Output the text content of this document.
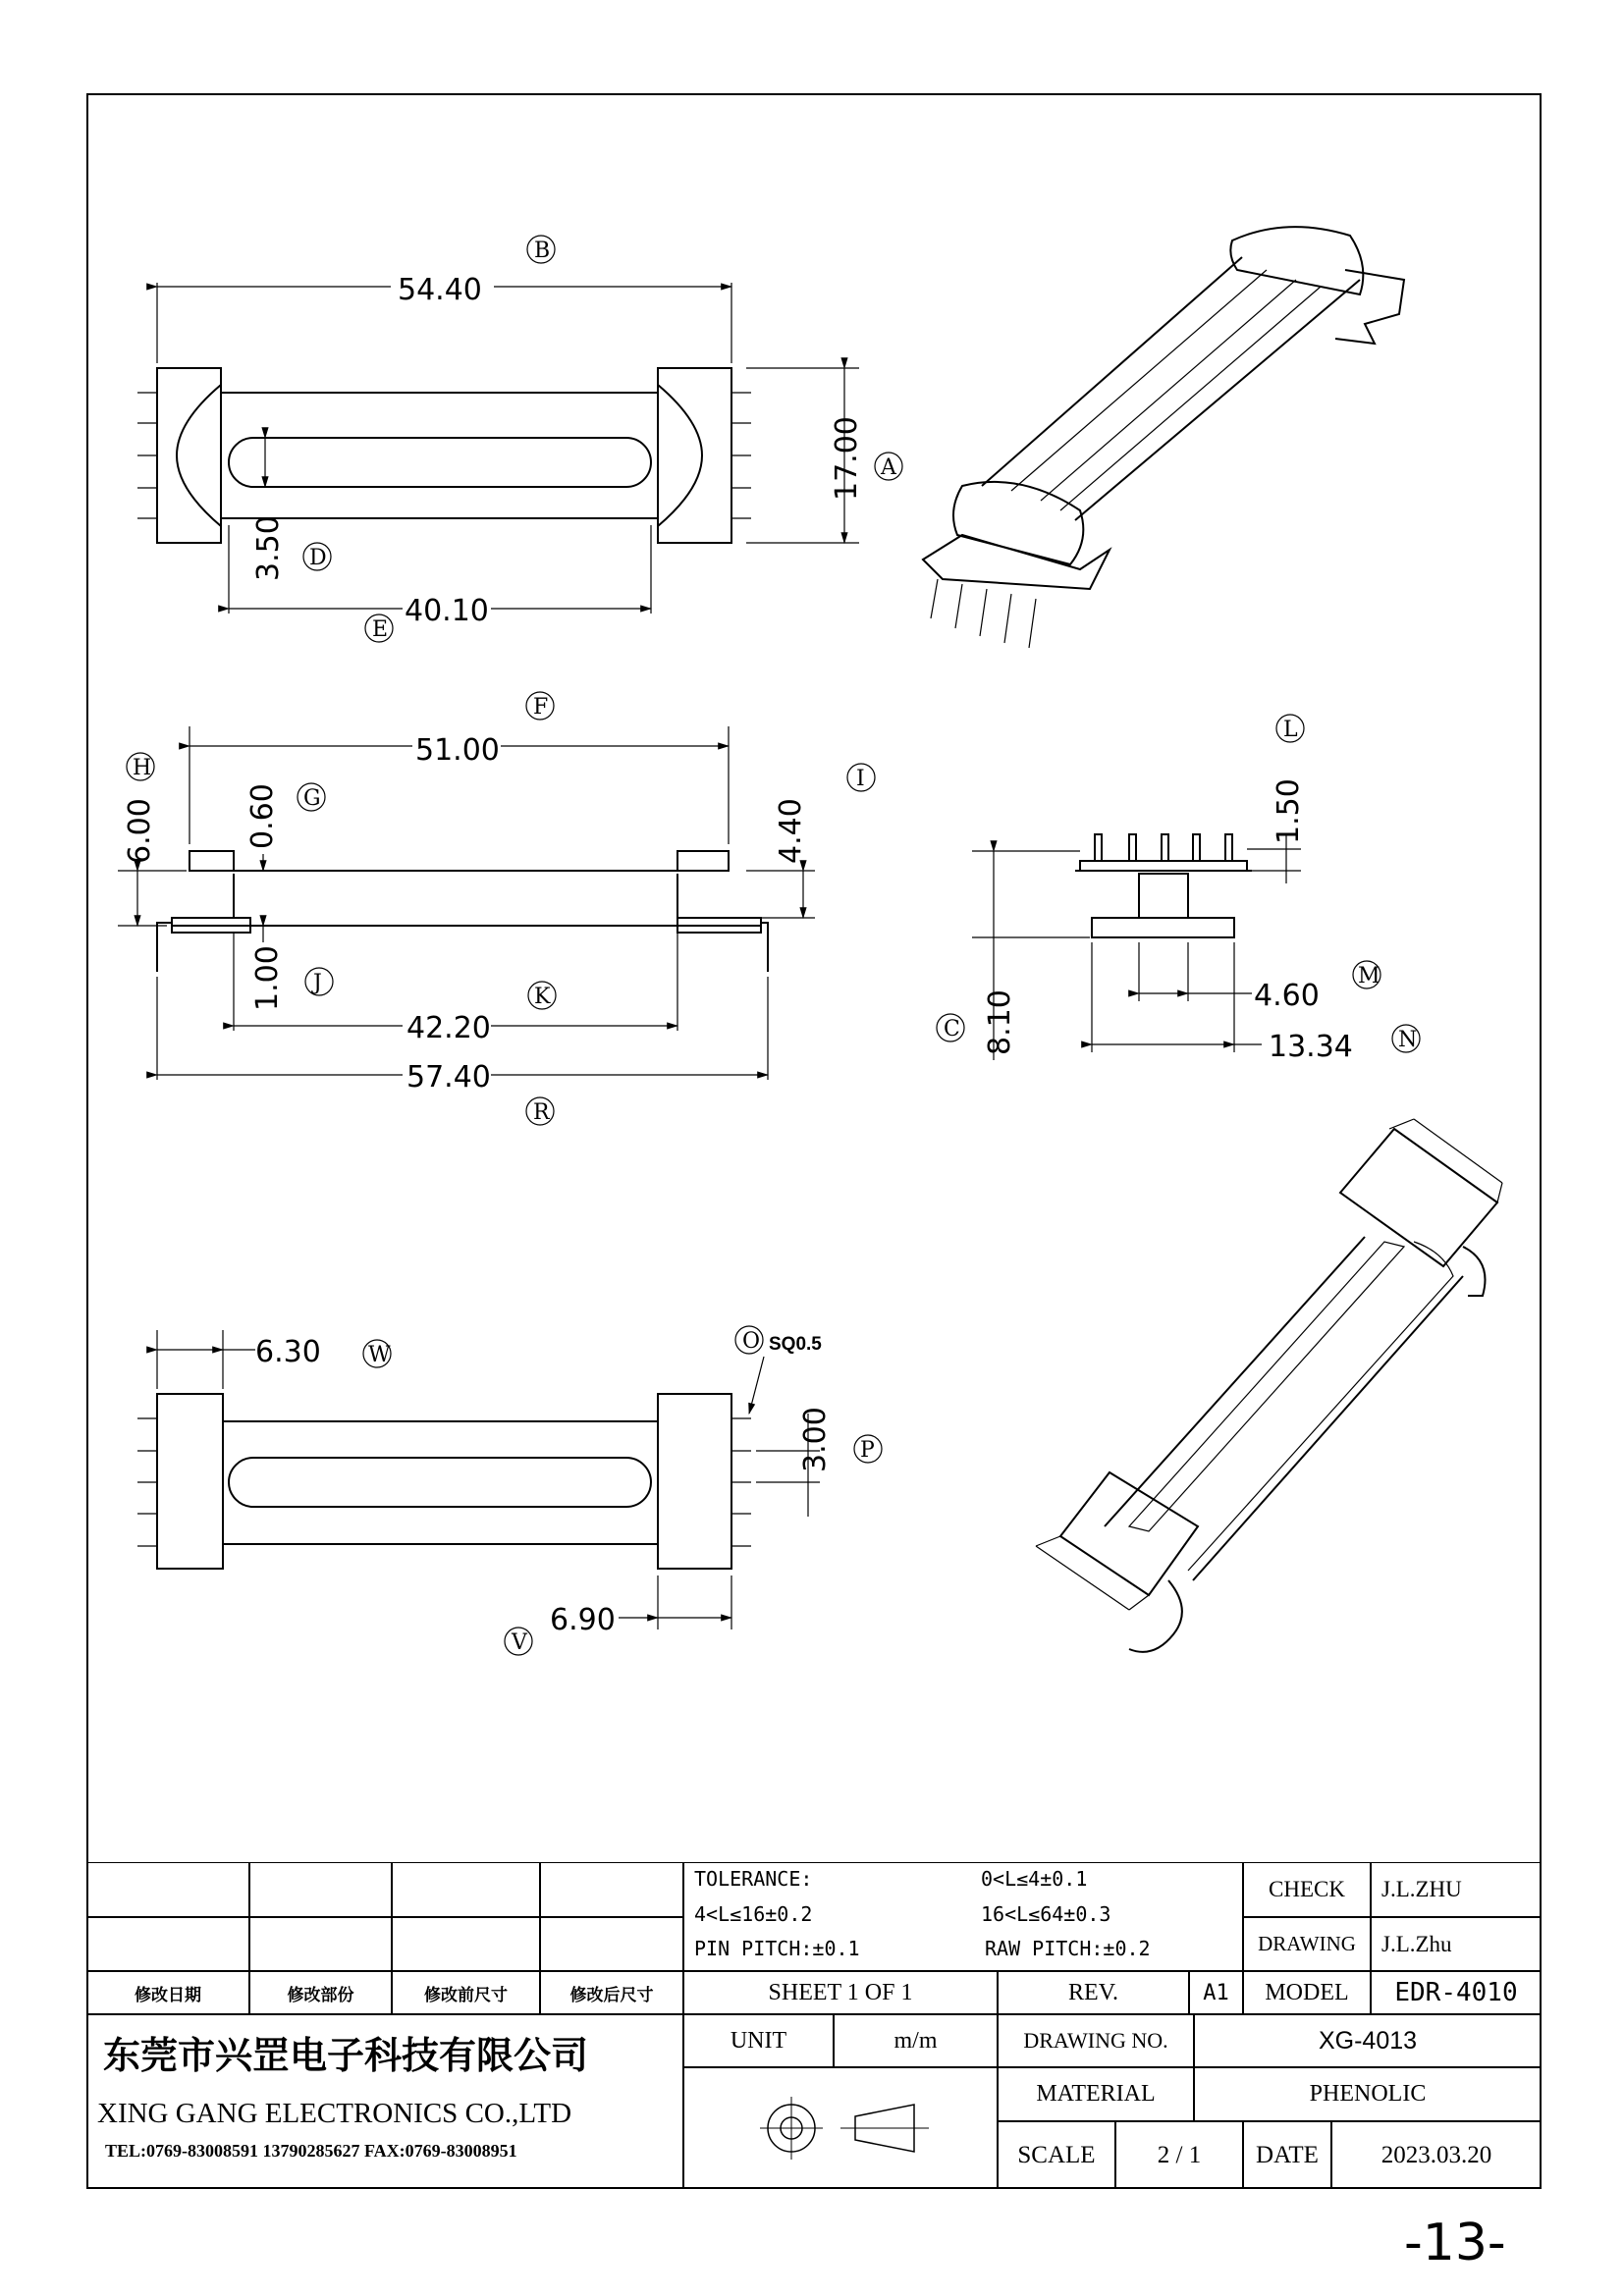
54.40
B
17.00 A
3.50 D
40.10
E
51.00
F
6.00
H
0.60 G	4.40
I
1.00 J
42.20
K
57.40
R
1.50
L
8.10
C
4.60
M
13.34 N
6.30 W
O SQ0.5
3.00 P
6.90
V
修改日期	修改部份	修改前尺寸	修改后尺寸
TOLERANCE:	0<L≤4±0.1
4<L≤16±0.2	16<L≤64±0.3
PIN PITCH:±0.1	RAW PITCH:±0.2
CHECK	J.L.ZHU
DRAWING	J.L.Zhu
SHEET 1 OF 1	REV.	A1	MODEL	EDR-4010
东莞市兴罡电子科技有限公司
XING GANG ELECTRONICS CO.,LTD
TEL:0769-83008591 13790285627 FAX:0769-83008951
UNIT	m/m	DRAWING NO.	XG-4013
MATERIAL	PHENOLIC
SCALE	2 / 1	DATE	2023.03.20
-13-
